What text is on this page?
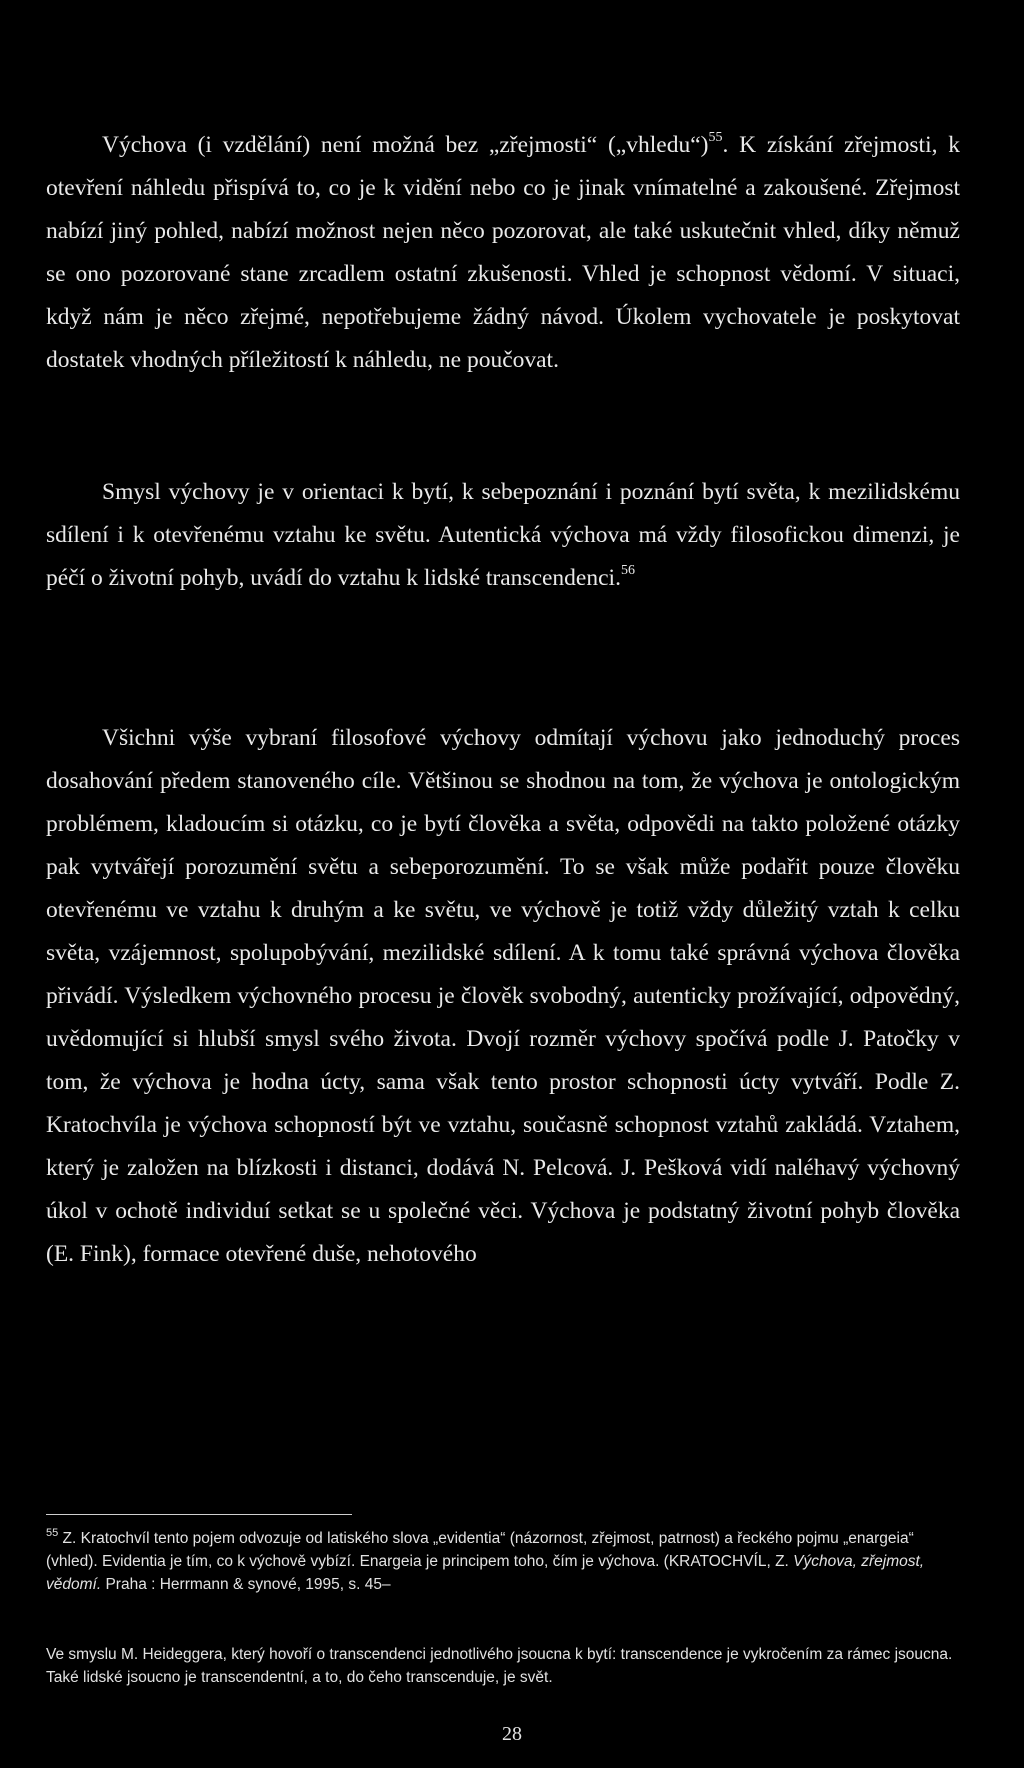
Výchova (i vzdělání) není možná bez „zřejmosti“ („vhledu“)$^{55}$. K získání zřejmosti, k otevření náhledu přispívá to, co je k vidění nebo co je jinak vnímatelné a zakoušené. Zřejmost nabízí jiný pohled, nabízí možnost nejen něco pozorovat, ale také uskutečnit vhled, díky němuž se ono pozorované stane zrcadlem ostatní zkušenosti. Vhled je schopnost vědomí. V situaci, když nám je něco zřejmé, nepotřebujeme žádný návod. Úkolem vychovatele je poskytovat dostatek vhodných příležitostí k náhledu, ne poučovat.

Smysl výchovy je v orientaci k bytí, k sebepoznání i poznání bytí světa, k mezilidskému sdílení i k otevřenému vztahu ke světu. Autentická výchova má vždy filosofickou dimenzi, je péčí o životní pohyb, uvádí do vztahu k lidské transcendenci.$^{56}$

Všichni výše vybraní filosofové výchovy odmítají výchovu jako jednoduchý proces dosahování předem stanoveného cíle. Většinou se shodnou na tom, že výchova je ontologickým problémem, kladoucím si otázku, co je bytí člověka a světa, odpovědi na takto položené otázky pak vytvářejí porozumění světu a sebeporozumění. To se však může podařit pouze člověku otevřenému ve vztahu k druhým a ke světu, ve výchově je totiž vždy důležitý vztah k celku světa, vzájemnost, spolupobývání, mezilidské sdílení. A k tomu také správná výchova člověka přivádí. Výsledkem výchovného procesu je člověk svobodný, autenticky prožívající, odpovědný, uvědomující si hlubší smysl svého života. Dvojí rozměr výchovy spočívá podle J. Patočky v tom, že výchova je hodna úcty, sama však tento prostor schopnosti úcty vytváří. Podle Z. Kratochvíla je výchova schopností být ve vztahu, současně schopnost vztahů zakládá. Vztahem, který je založen na blízkosti i distanci, dodává N. Pelcová. J. Pešková vidí naléhavý výchovný úkol v ochotě individuí setkat se u společné věci. Výchova je podstatný životní pohyb člověka (E. Fink), formace otevřené duše, nehotového

$^{55}$ Z. Kratochvíl tento pojem odvozuje od latiského slova „evidentia“ (názornost, zřejmost, patrnost) a řeckého pojmu „enargeia“ (vhled). Evidentia je tím, co k výchově vybízí. Enargeia je principem toho, čím je výchova. (KRATOCHVÍL, Z. Výchova, zřejmost, vědomí. Praha : Herrmann & synové, 1995, s. 45–

Ve smyslu M. Heideggera, který hovoří o transcendenci jednotlivého jsoucna k bytí: transcendence je vykročením za rámec jsoucna. Také lidské jsoucno je transcendentní, a to, do čeho transcenduje, je svět.

28
